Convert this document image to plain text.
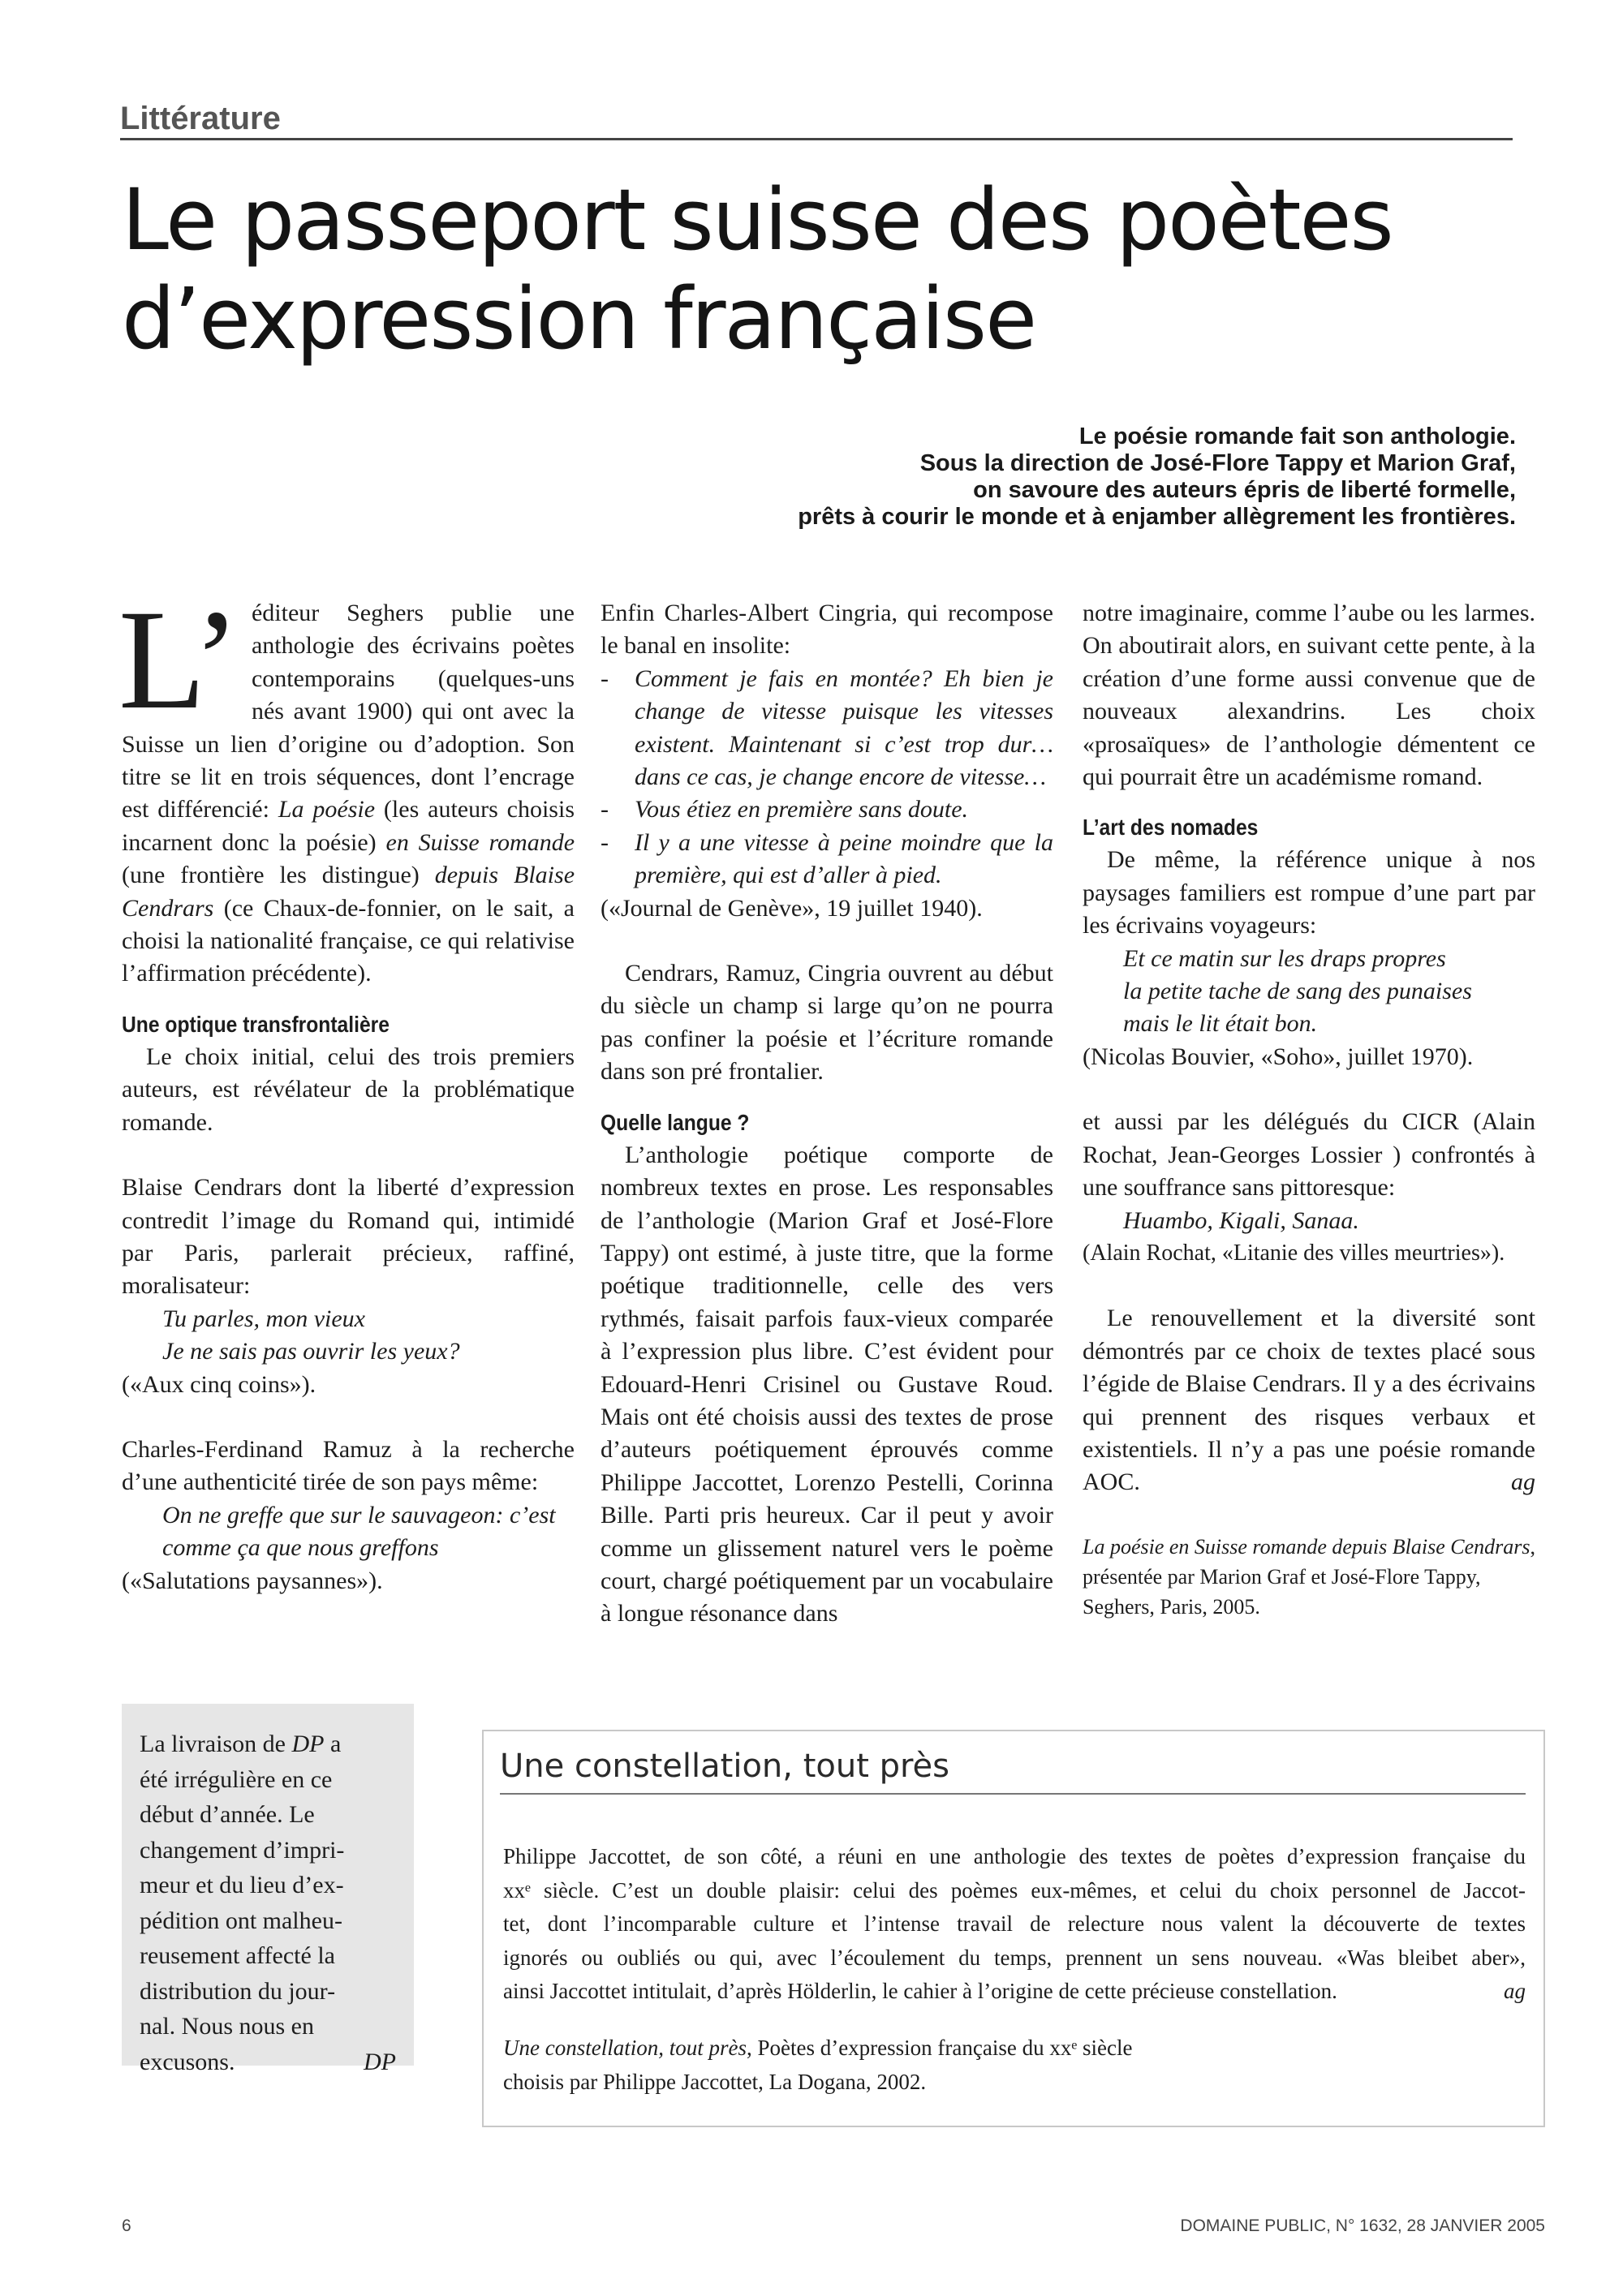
Littérature
Le passeport suisse des poètes
d’expression française
Le poésie romande fait son anthologie.
Sous la direction de José-Flore Tappy et Marion Graf,
on savoure des auteurs épris de liberté formelle,
prêts à courir le monde et à enjamber allègrement les frontières.

L’ éditeur Seghers publie une anthologie des écrivains poètes contemporains (quelques-uns nés avant 1900) qui ont avec la Suisse un lien d’origine ou d’adoption. Son titre se lit en trois séquences, dont l’encrage est différencié: La poésie (les auteurs choisis incarnent donc la poésie) en Suisse romande (une frontière les distingue) depuis Blaise Cendrars (ce Chaux-de-fonnier, on le sait, a choisi la nationalité française, ce qui relativise l’affirmation précédente).

Une optique transfrontalière

Le choix initial, celui des trois premiers auteurs, est révélateur de la problématique romande.

Blaise Cendrars dont la liberté d’expression contredit l’image du Romand qui, intimidé par Paris, parlerait précieux, raffiné, moralisateur:

Tu parles, mon vieux
Je ne sais pas ouvrir les yeux?

(«Aux cinq coins»).

Charles-Ferdinand Ramuz à la recherche d’une authenticité tirée de son pays même:

On ne greffe que sur le sauvageon: c’est comme ça que nous greffons

(«Salutations paysannes»).

Enfin Charles-Albert Cingria, qui recompose le banal en insolite:

-	Comment je fais en montée? Eh bien je change de vitesse puisque les vitesses existent. Maintenant si c’est trop dur… dans ce cas, je change encore de vitesse…
-	Vous étiez en première sans doute.
-	Il y a une vitesse à peine moindre que la première, qui est d’aller à pied.

(«Journal de Genève», 19 juillet 1940).

Cendrars, Ramuz, Cingria ouvrent au début du siècle un champ si large qu’on ne pourra pas confiner la poésie et l’écriture romande dans son pré frontalier.

Quelle langue ?

L’anthologie poétique comporte de nombreux textes en prose. Les responsables de l’anthologie (Marion Graf et José-Flore Tappy) ont estimé, à juste titre, que la forme poétique traditionnelle, celle des vers rythmés, faisait parfois faux-vieux comparée à l’expression plus libre. C’est évident pour Edouard-Henri Crisinel ou Gustave Roud. Mais ont été choisis aussi des textes de prose d’auteurs poétiquement éprouvés comme Philippe Jaccottet, Lorenzo Pestelli, Corinna Bille. Parti pris heureux. Car il peut y avoir comme un glissement naturel vers le poème court, chargé poétiquement par un vocabulaire à longue résonance dans

notre imaginaire, comme l’aube ou les larmes. On aboutirait alors, en suivant cette pente, à la création d’une forme aussi convenue que de nouveaux alexandrins. Les choix «prosaïques» de l’anthologie démentent ce qui pourrait être un académisme romand.

L’art des nomades

De même, la référence unique à nos paysages familiers est rompue d’une part par les écrivains voyageurs:

Et ce matin sur les draps propres
la petite tache de sang des punaises
mais le lit était bon.

(Nicolas Bouvier, «Soho», juillet 1970).

et aussi par les délégués du CICR (Alain Rochat, Jean-Georges Lossier ) confrontés à une souffrance sans pittoresque:

Huambo, Kigali, Sanaa.

(Alain Rochat, «Litanie des villes meurtries»).

Le renouvellement et la diversité sont démontrés par ce choix de textes placé sous l’égide de Blaise Cendrars. Il y a des écrivains qui prennent des risques verbaux et existentiels. Il n’y a pas une poésie romande AOC.	ag

La poésie en Suisse romande depuis Blaise Cendrars, présentée par Marion Graf et José-Flore Tappy, Seghers, Paris, 2005.

La livraison de DP a
été irrégulière en ce
début d’année. Le
changement d’impri-
meur et du lieu d’ex-
pédition ont malheu-
reusement affecté la
distribution du jour-
nal. Nous nous en
excusons.	DP
Une constellation, tout près
Philippe Jaccottet, de son côté, a réuni en une anthologie des textes de poètes d’expression française du
xxᵉ siècle. C’est un double plaisir: celui des poèmes eux-mêmes, et celui du choix personnel de Jaccot-
tet, dont l’incomparable culture et l’intense travail de relecture nous valent la découverte de textes
ignorés ou oubliés ou qui, avec l’écoulement du temps, prennent un sens nouveau. «Was bleibet aber»,
ainsi Jaccottet intitulait, d’après Hölderlin, le cahier à l’origine de cette précieuse constellation.	ag
Une constellation, tout près, Poètes d’expression française du xxᵉ siècle
choisis par Philippe Jaccottet, La Dogana, 2002.
6	DOMAINE PUBLIC, N° 1632, 28 JANVIER 2005
